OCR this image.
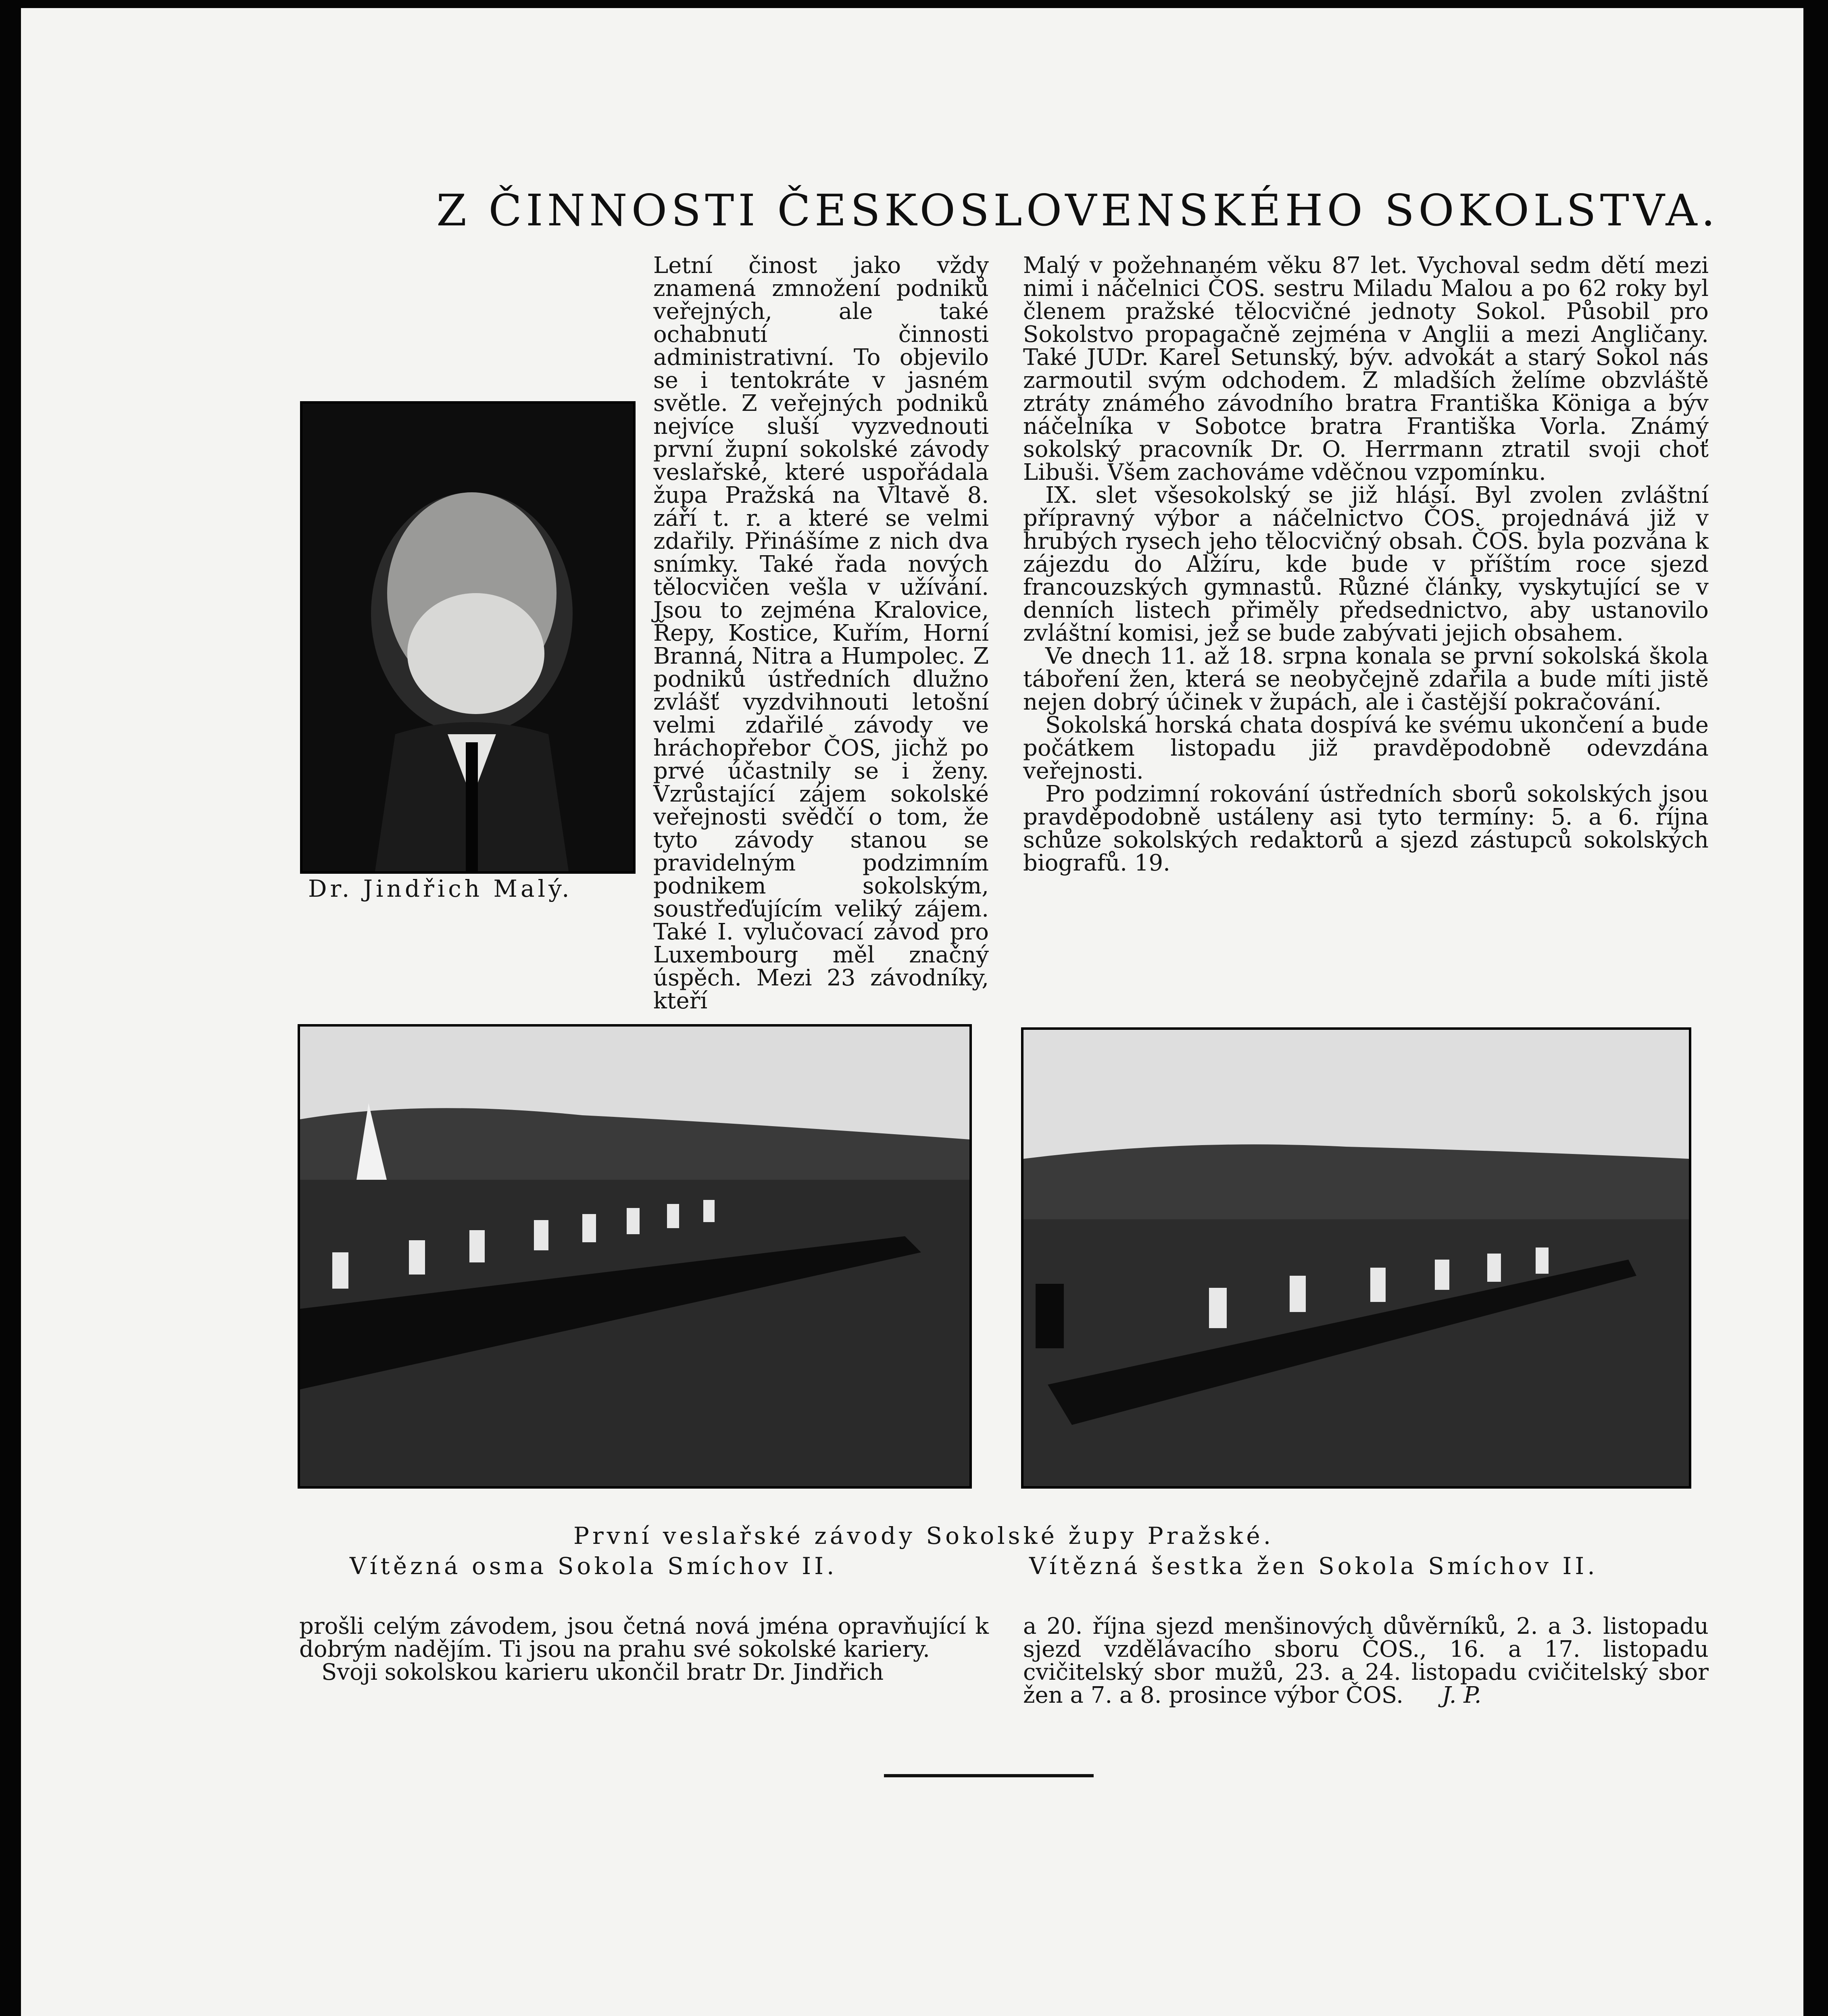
Z ČINNOSTI ČESKOSLOVENSKÉHO SOKOLSTVA.

Letní činost jako vždy znamená zmnožení podniků veřejných, ale také ochabnutí činnosti administrativní. To objevilo se i tentokráte v jasném světle. Z veřejných podniků nejvíce sluší vyzvednouti první župní sokolské závody veslařské, které uspořádala župa Pražská na Vltavě 8. září t. r. a které se velmi zdařily. Přinášíme z nich dva snímky. Také řada nových tělocvičen vešla v užívání. Jsou to zejména Kralovice, Řepy, Kostice, Kuřím, Horní Branná, Nitra a Humpolec. Z podniků ústředních dlužno zvlášť vyzdvihnouti letošní velmi zdařilé závody ve hráchopřebor ČOS, jichž po prvé účastnily se i ženy. Vzrůstající zájem sokolské veřejnosti svědčí o tom, že tyto závody stanou se pravidelným podzimním podnikem sokolským, soustřeďujícím veliký zájem. Také I. vylučovací závod pro Luxembourg měl značný úspěch. Mezi 23 závodníky, kteří

Dr. Jindřich Malý.

Malý v požehnaném věku 87 let. Vychoval sedm dětí mezi nimi i náčelnici ČOS. sestru Miladu Malou a po 62 roky byl členem pražské tělocvičné jednoty Sokol. Působil pro Sokolstvo propagačně zejména v Anglii a mezi Angličany. Také JUDr. Karel Setunský, býv. advokát a starý Sokol nás zarmoutil svým odchodem. Z mladších želíme obzvláště ztráty známého závodního bratra Františka Königa a býv náčelníka v Sobotce bratra Františka Vorla. Známý sokolský pracovník Dr. O. Herrmann ztratil svoji choť Libuši. Všem zachováme vděčnou vzpomínku.

IX. slet všesokolský se již hlásí. Byl zvolen zvláštní přípravný výbor a náčelnictvo ČOS. projednává již v hrubých rysech jeho tělocvičný obsah. ČOS. byla pozvána k zájezdu do Alžíru, kde bude v příštím roce sjezd francouzských gymnastů. Různé články, vyskytující se v denních listech přiměly předsednictvo, aby ustanovilo zvláštní komisi, jež se bude zabývati jejich obsahem.

Ve dnech 11. až 18. srpna konala se první sokolská škola táboření žen, která se neobyčejně zdařila a bude míti jistě nejen dobrý účinek v župách, ale i častější pokračování.

Sokolská horská chata dospívá ke svému ukončení a bude počátkem listopadu již pravděpodobně odevzdána veřejnosti.

Pro podzimní rokování ústředních sborů sokolských jsou pravděpodobně ustáleny asi tyto termíny: 5. a 6. října schůze sokolských redaktorů a sjezd zástupců sokolských biografů. 19.

První veslařské závody Sokolské župy Pražské.
Vítězná osma Sokola Smíchov II.	Vítězná šestka žen Sokola Smíchov II.

prošli celým závodem, jsou četná nová jména opravňující k dobrým nadějím. Ti jsou na prahu své sokolské kariery.

Svoji sokolskou karieru ukončil bratr Dr. Jindřich

a 20. října sjezd menšinových důvěrníků, 2. a 3. listopadu sjezd vzdělávacího sboru ČOS., 16. a 17. listopadu cvičitelský sbor mužů, 23. a 24. listopadu cvičitelský sbor žen a 7. a 8. prosince výbor ČOS. J. P.
